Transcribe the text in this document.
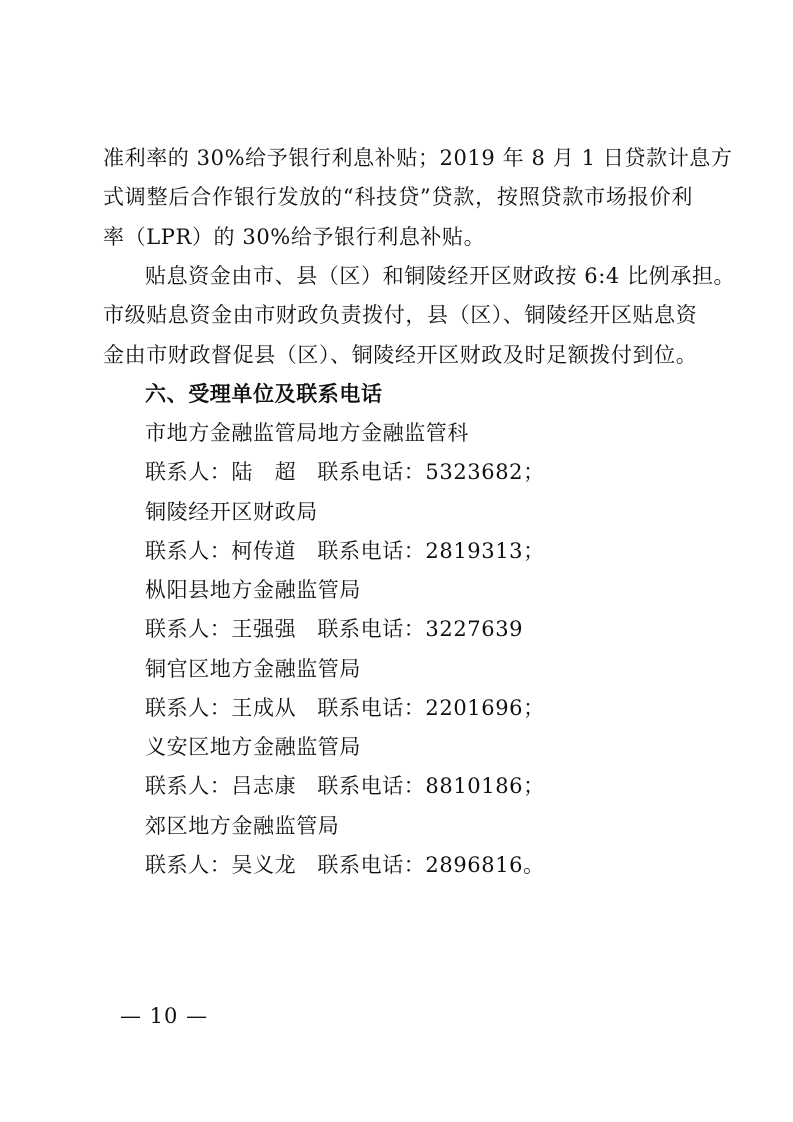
准利率的 30%给予银行利息补贴；2019 年 8 月 1 日贷款计息方
式调整后合作银行发放的“科技贷”贷款，按照贷款市场报价利
率（LPR）的 30%给予银行利息补贴。
贴息资金由市、县（区）和铜陵经开区财政按 6:4 比例承担。
市级贴息资金由市财政负责拨付，县（区）、铜陵经开区贴息资
金由市财政督促县（区）、铜陵经开区财政及时足额拨付到位。
六、受理单位及联系电话
市地方金融监管局地方金融监管科
联系人：陆　超 联系电话：5323682；
铜陵经开区财政局
联系人：柯传道 联系电话：2819313；
枞阳县地方金融监管局
联系人：王强强 联系电话：3227639
铜官区地方金融监管局
联系人：王成从 联系电话：2201696；
义安区地方金融监管局
联系人：吕志康 联系电话：8810186；
郊区地方金融监管局
联系人：吴义龙 联系电话：2896816。
— 10 —
